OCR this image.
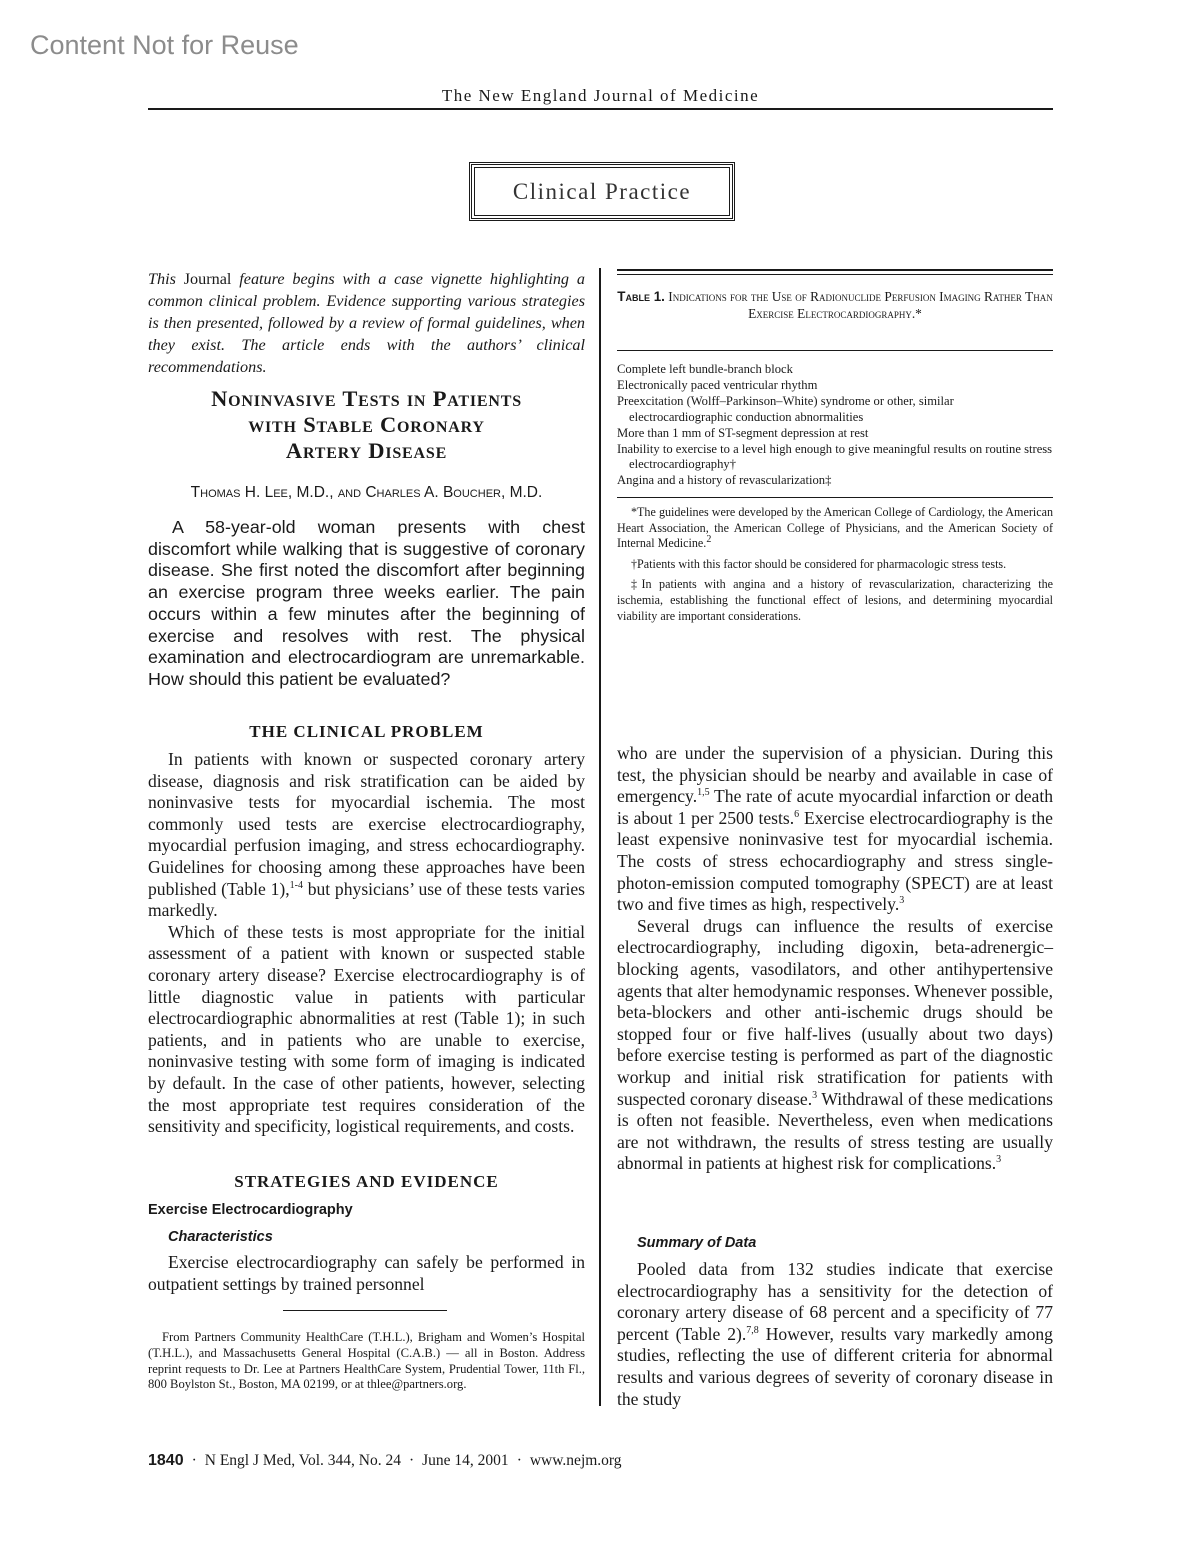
Content Not for Reuse
The New England Journal of Medicine
Clinical Practice
This Journal feature begins with a case vignette highlighting a common clinical problem. Evidence supporting various strategies is then presented, followed by a review of formal guidelines, when they exist. The article ends with the authors’ clinical recommendations.
Noninvasive Tests in Patients
with Stable Coronary
Artery Disease
Thomas H. Lee, M.D., and Charles A. Boucher, M.D.
A 58-year-old woman presents with chest discomfort while walking that is suggestive of coronary disease. She first noted the discomfort after beginning an exercise program three weeks earlier. The pain occurs within a few minutes after the beginning of exercise and resolves with rest. The physical examination and electrocardiogram are unremarkable. How should this patient be evaluated?
THE CLINICAL PROBLEM

In patients with known or suspected coronary artery disease, diagnosis and risk stratification can be aided by noninvasive tests for myocardial ischemia. The most commonly used tests are exercise electrocardiography, myocardial perfusion imaging, and stress echocardiography. Guidelines for choosing among these approaches have been published (Table 1),$^{1-4}$ but physicians’ use of these tests varies markedly.

Which of these tests is most appropriate for the initial assessment of a patient with known or suspected stable coronary artery disease? Exercise electrocardiography is of little diagnostic value in patients with particular electrocardiographic abnormalities at rest (Table 1); in such patients, and in patients who are unable to exercise, noninvasive testing with some form of imaging is indicated by default. In the case of other patients, however, selecting the most appropriate test requires consideration of the sensitivity and specificity, logistical requirements, and costs.

STRATEGIES AND EVIDENCE
Exercise Electrocardiography
Characteristics

Exercise electrocardiography can safely be performed in outpatient settings by trained personnel

From Partners Community HealthCare (T.H.L.), Brigham and Women’s Hospital (T.H.L.), and Massachusetts General Hospital (C.A.B.) — all in Boston. Address reprint requests to Dr. Lee at Partners HealthCare System, Prudential Tower, 11th Fl., 800 Boylston St., Boston, MA 02199, or at thlee@partners.org.
Table 1. Indications for the Use of Radionuclide Perfusion Imaging Rather Than Exercise Electrocardiography.*
Complete left bundle-branch block
Electronically paced ventricular rhythm
Preexcitation (Wolff–Parkinson–White) syndrome or other, similar electrocardiographic conduction abnormalities
More than 1 mm of ST-segment depression at rest
Inability to exercise to a level high enough to give meaningful results on routine stress electrocardiography†
Angina and a history of revascularization‡

*The guidelines were developed by the American College of Cardiology, the American Heart Association, the American College of Physicians, and the American Society of Internal Medicine.$^2$

†Patients with this factor should be considered for pharmacologic stress tests.

‡In patients with angina and a history of revascularization, characterizing the ischemia, establishing the functional effect of lesions, and determining myocardial viability are important considerations.

who are under the supervision of a physician. During this test, the physician should be nearby and available in case of emergency.$^{1,5}$ The rate of acute myocardial infarction or death is about 1 per 2500 tests.$^6$ Exercise electrocardiography is the least expensive noninvasive test for myocardial ischemia. The costs of stress echocardiography and stress single-photon-emission computed tomography (SPECT) are at least two and five times as high, respectively.$^3$

Several drugs can influence the results of exercise electrocardiography, including digoxin, beta-adrenergic–blocking agents, vasodilators, and other antihypertensive agents that alter hemodynamic responses. Whenever possible, beta-blockers and other anti-ischemic drugs should be stopped four or five half-lives (usually about two days) before exercise testing is performed as part of the diagnostic workup and initial risk stratification for patients with suspected coronary disease.$^3$ Withdrawal of these medications is often not feasible. Nevertheless, even when medications are not withdrawn, the results of stress testing are usually abnormal in patients at highest risk for complications.$^3$

Summary of Data

Pooled data from 132 studies indicate that exercise electrocardiography has a sensitivity for the detection of coronary artery disease of 68 percent and a specificity of 77 percent (Table 2).$^{7,8}$ However, results vary markedly among studies, reflecting the use of different criteria for abnormal results and various degrees of severity of coronary disease in the study

1840 · N Engl J Med, Vol. 344, No. 24 · June 14, 2001 · www.nejm.org
